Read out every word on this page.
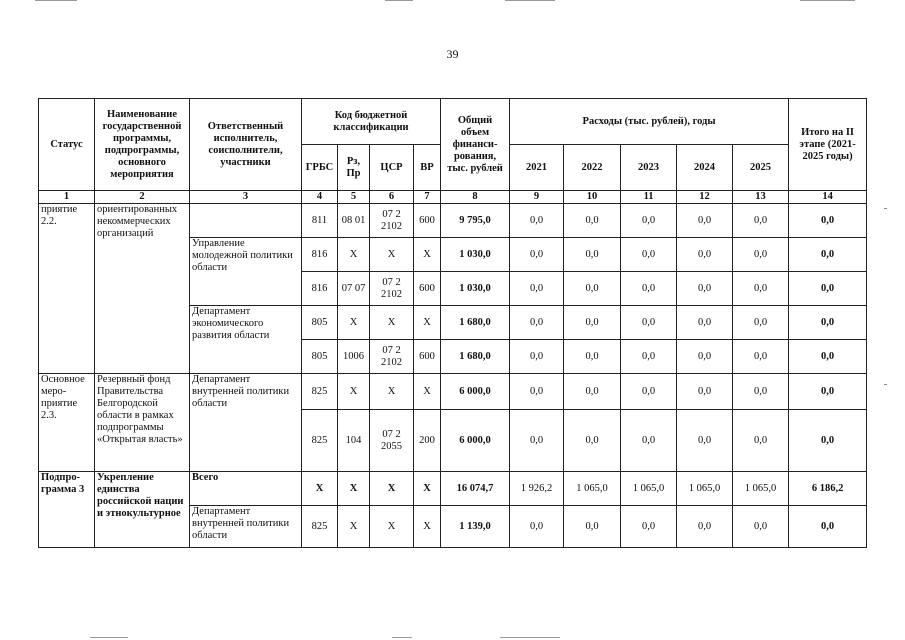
39
Статус	Наименование государственной программы, подпрограммы, основного мероприятия	Ответственный исполнитель, соисполнители, участники	Код бюджетной классификации				Общий объем финанси-рования, тыс. рублей	Расходы (тыс. рублей), годы					Итого на II этапе (2021-2025 годы)
			ГРБС	Рз, Пр	ЦСР	ВР		2021	2022	2023	2024	2025	
1	2	3	4	5	6	7	8	9	10	11	12	13	14
приятие 2.2.	ориентированных некоммерческих организаций		811	08 01	07 2 2102	600	9 795,0	0,0	0,0	0,0	0,0	0,0	0,0
		Управление молодежной политики области	816	Х	Х	Х	1 030,0	0,0	0,0	0,0	0,0	0,0	0,0
			816	07 07	07 2 2102	600	1 030,0	0,0	0,0	0,0	0,0	0,0	0,0
		Департамент экономического развития области	805	Х	Х	Х	1 680,0	0,0	0,0	0,0	0,0	0,0	0,0
			805	1006	07 2 2102	600	1 680,0	0,0	0,0	0,0	0,0	0,0	0,0
Основное меро-приятие 2.3.	Резервный фонд Правительства Белгородской области в рамках подпрограммы «Открытая власть»	Департамент внутренней политики области	825	Х	Х	Х	6 000,0	0,0	0,0	0,0	0,0	0,0	0,0
			825	104	07 2 2055	200	6 000,0	0,0	0,0	0,0	0,0	0,0	0,0
Подпро-грамма 3	Укрепление единства российской нации и этнокультурное	Всего	Х	Х	Х	Х	16 074,7	1 926,2	1 065,0	1 065,0	1 065,0	1 065,0	6 186,2
		Департамент внутренней политики области	825	Х	Х	Х	1 139,0	0,0	0,0	0,0	0,0	0,0	0,0
